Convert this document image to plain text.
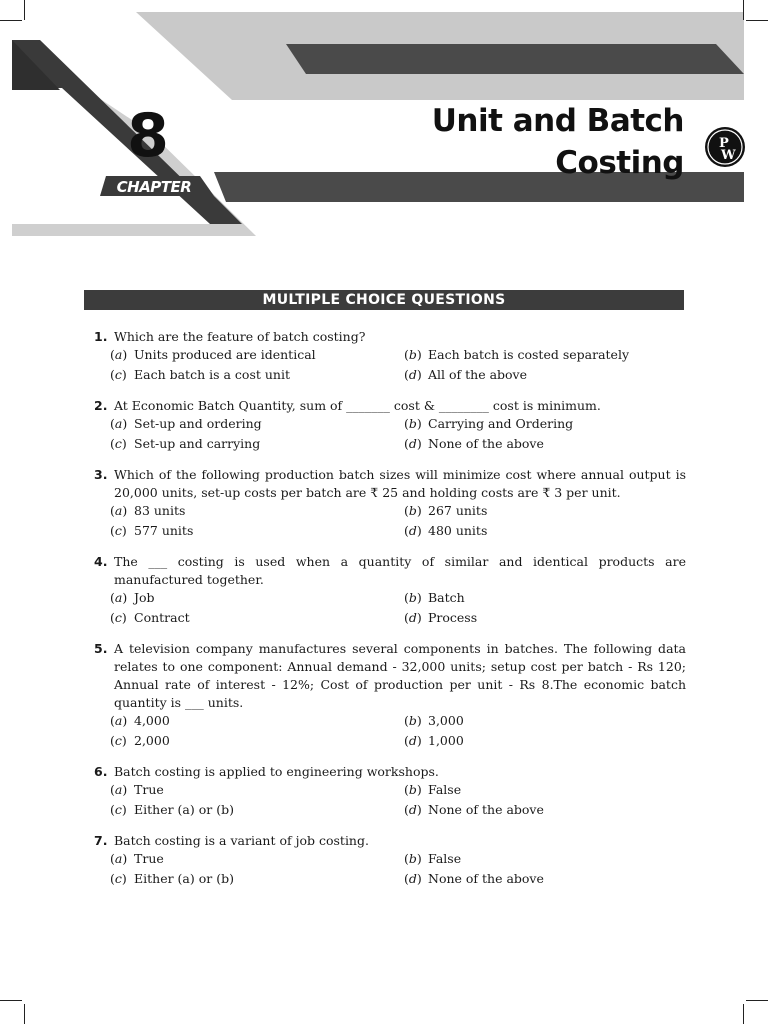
8
CHAPTER
Unit and Batch Costing
P
W
MULTIPLE CHOICE QUESTIONS
1. Which are the feature of batch costing?
(a) Units produced are identical	(b) Each batch is costed separately
(c) Each batch is a cost unit	(d) All of the above
2. At Economic Batch Quantity, sum of _______ cost & ________ cost is minimum.
(a) Set-up and ordering	(b) Carrying and Ordering
(c) Set-up and carrying	(d) None of the above
3. Which of the following production batch sizes will minimize cost where annual output is 20,000 units, set-up costs per batch are ₹ 25 and holding costs are ₹ 3 per unit.
(a) 83 units	(b) 267 units
(c) 577 units	(d) 480 units
4. The ___ costing is used when a quantity of similar and identical products are manufactured together.
(a) Job	(b) Batch
(c) Contract	(d) Process
5. A television company manufactures several components in batches. The following data relates to one component: Annual demand - 32,000 units; setup cost per batch - Rs 120; Annual rate of interest - 12%; Cost of production per unit - Rs 8.The economic batch quantity is ___ units.
(a) 4,000	(b) 3,000
(c) 2,000	(d) 1,000
6. Batch costing is applied to engineering workshops.
(a) True	(b) False
(c) Either (a) or (b)	(d) None of the above
7. Batch costing is a variant of job costing.
(a) True	(b) False
(c) Either (a) or (b)	(d) None of the above
